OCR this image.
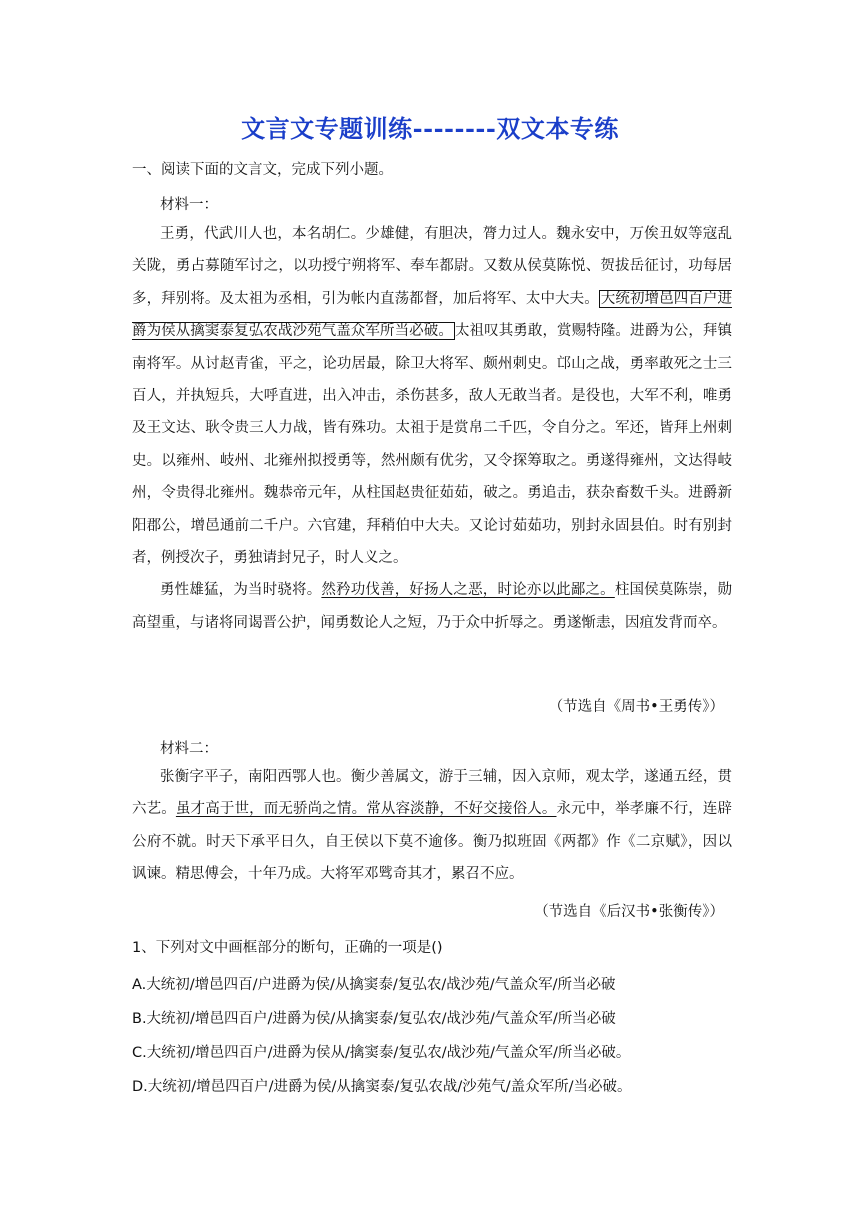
文言文专题训练--------双文本专练
一、阅读下面的文言文，完成下列小题。
材料一：

王勇，代武川人也，本名胡仁。少雄健，有胆决，膂力过人。魏永安中，万俟丑奴等寇乱关陇，勇占募随军讨之，以功授宁朔将军、奉车都尉。又数从侯莫陈悦、贺拔岳征讨，功每居多，拜别将。及太祖为丞相，引为帐内直荡都督，加后将军、太中大夫。 大统初增邑四百户进爵为侯从擒窦泰复弘农战沙苑气盖众军所当必破。 太祖叹其勇敢，赏赐特隆。进爵为公，拜镇南将军。从讨赵青雀，平之，论功居最，除卫大将军、颇州刺史。邙山之战，勇率敢死之士三百人，并执短兵，大呼直进，出入冲击，杀伤甚多，敌人无敢当者。是役也，大军不利，唯勇及王文达、耿令贵三人力战，皆有殊功。太祖于是赏帛二千匹，令自分之。军还，皆拜上州刺史。以雍州、岐州、北雍州拟授勇等，然州颇有优劣，又令探筹取之。勇遂得雍州，文达得岐州，令贵得北雍州。魏恭帝元年，从柱国赵贵征茹茹，破之。勇追击，获杂畜数千头。进爵新阳郡公，增邑通前二千户。六官建，拜稍伯中大夫。又论讨茹茹功，别封永固县伯。时有别封者，例授次子，勇独请封兄子，时人义之。

勇性雄猛，为当时骁将。然矜功伐善，好扬人之恶，时论亦以此鄙之。柱国侯莫陈崇，勋高望重，与诸将同谒晋公护，闻勇数论人之短，乃于众中折辱之。勇遂惭恚，因疽发背而卒。

（节选自《周书•王勇传》）
材料二：

张衡字平子，南阳西鄂人也。衡少善属文，游于三辅，因入京师，观太学，遂通五经，贯六艺。虽才高于世，而无骄尚之情。常从容淡静，不好交接俗人。永元中，举孝廉不行，连辟公府不就。时天下承平日久，自王侯以下莫不逾侈。衡乃拟班固《两都》作《二京赋》，因以讽谏。精思傅会，十年乃成。大将军邓骘奇其才，累召不应。

（节选自《后汉书•张衡传》）
1、下列对文中画框部分的断句，正确的一项是()
A.大统初/增邑四百/户进爵为侯/从擒窦泰/复弘农/战沙苑/气盖众军/所当必破
B.大统初/增邑四百户/进爵为侯/从擒窦泰/复弘农/战沙苑/气盖众军/所当必破
C.大统初/增邑四百户/进爵为侯从/擒窦泰/复弘农/战沙苑/气盖众军/所当必破。
D.大统初/增邑四百户/进爵为侯/从擒窦泰/复弘农战/沙苑气/盖众军所/当必破。
